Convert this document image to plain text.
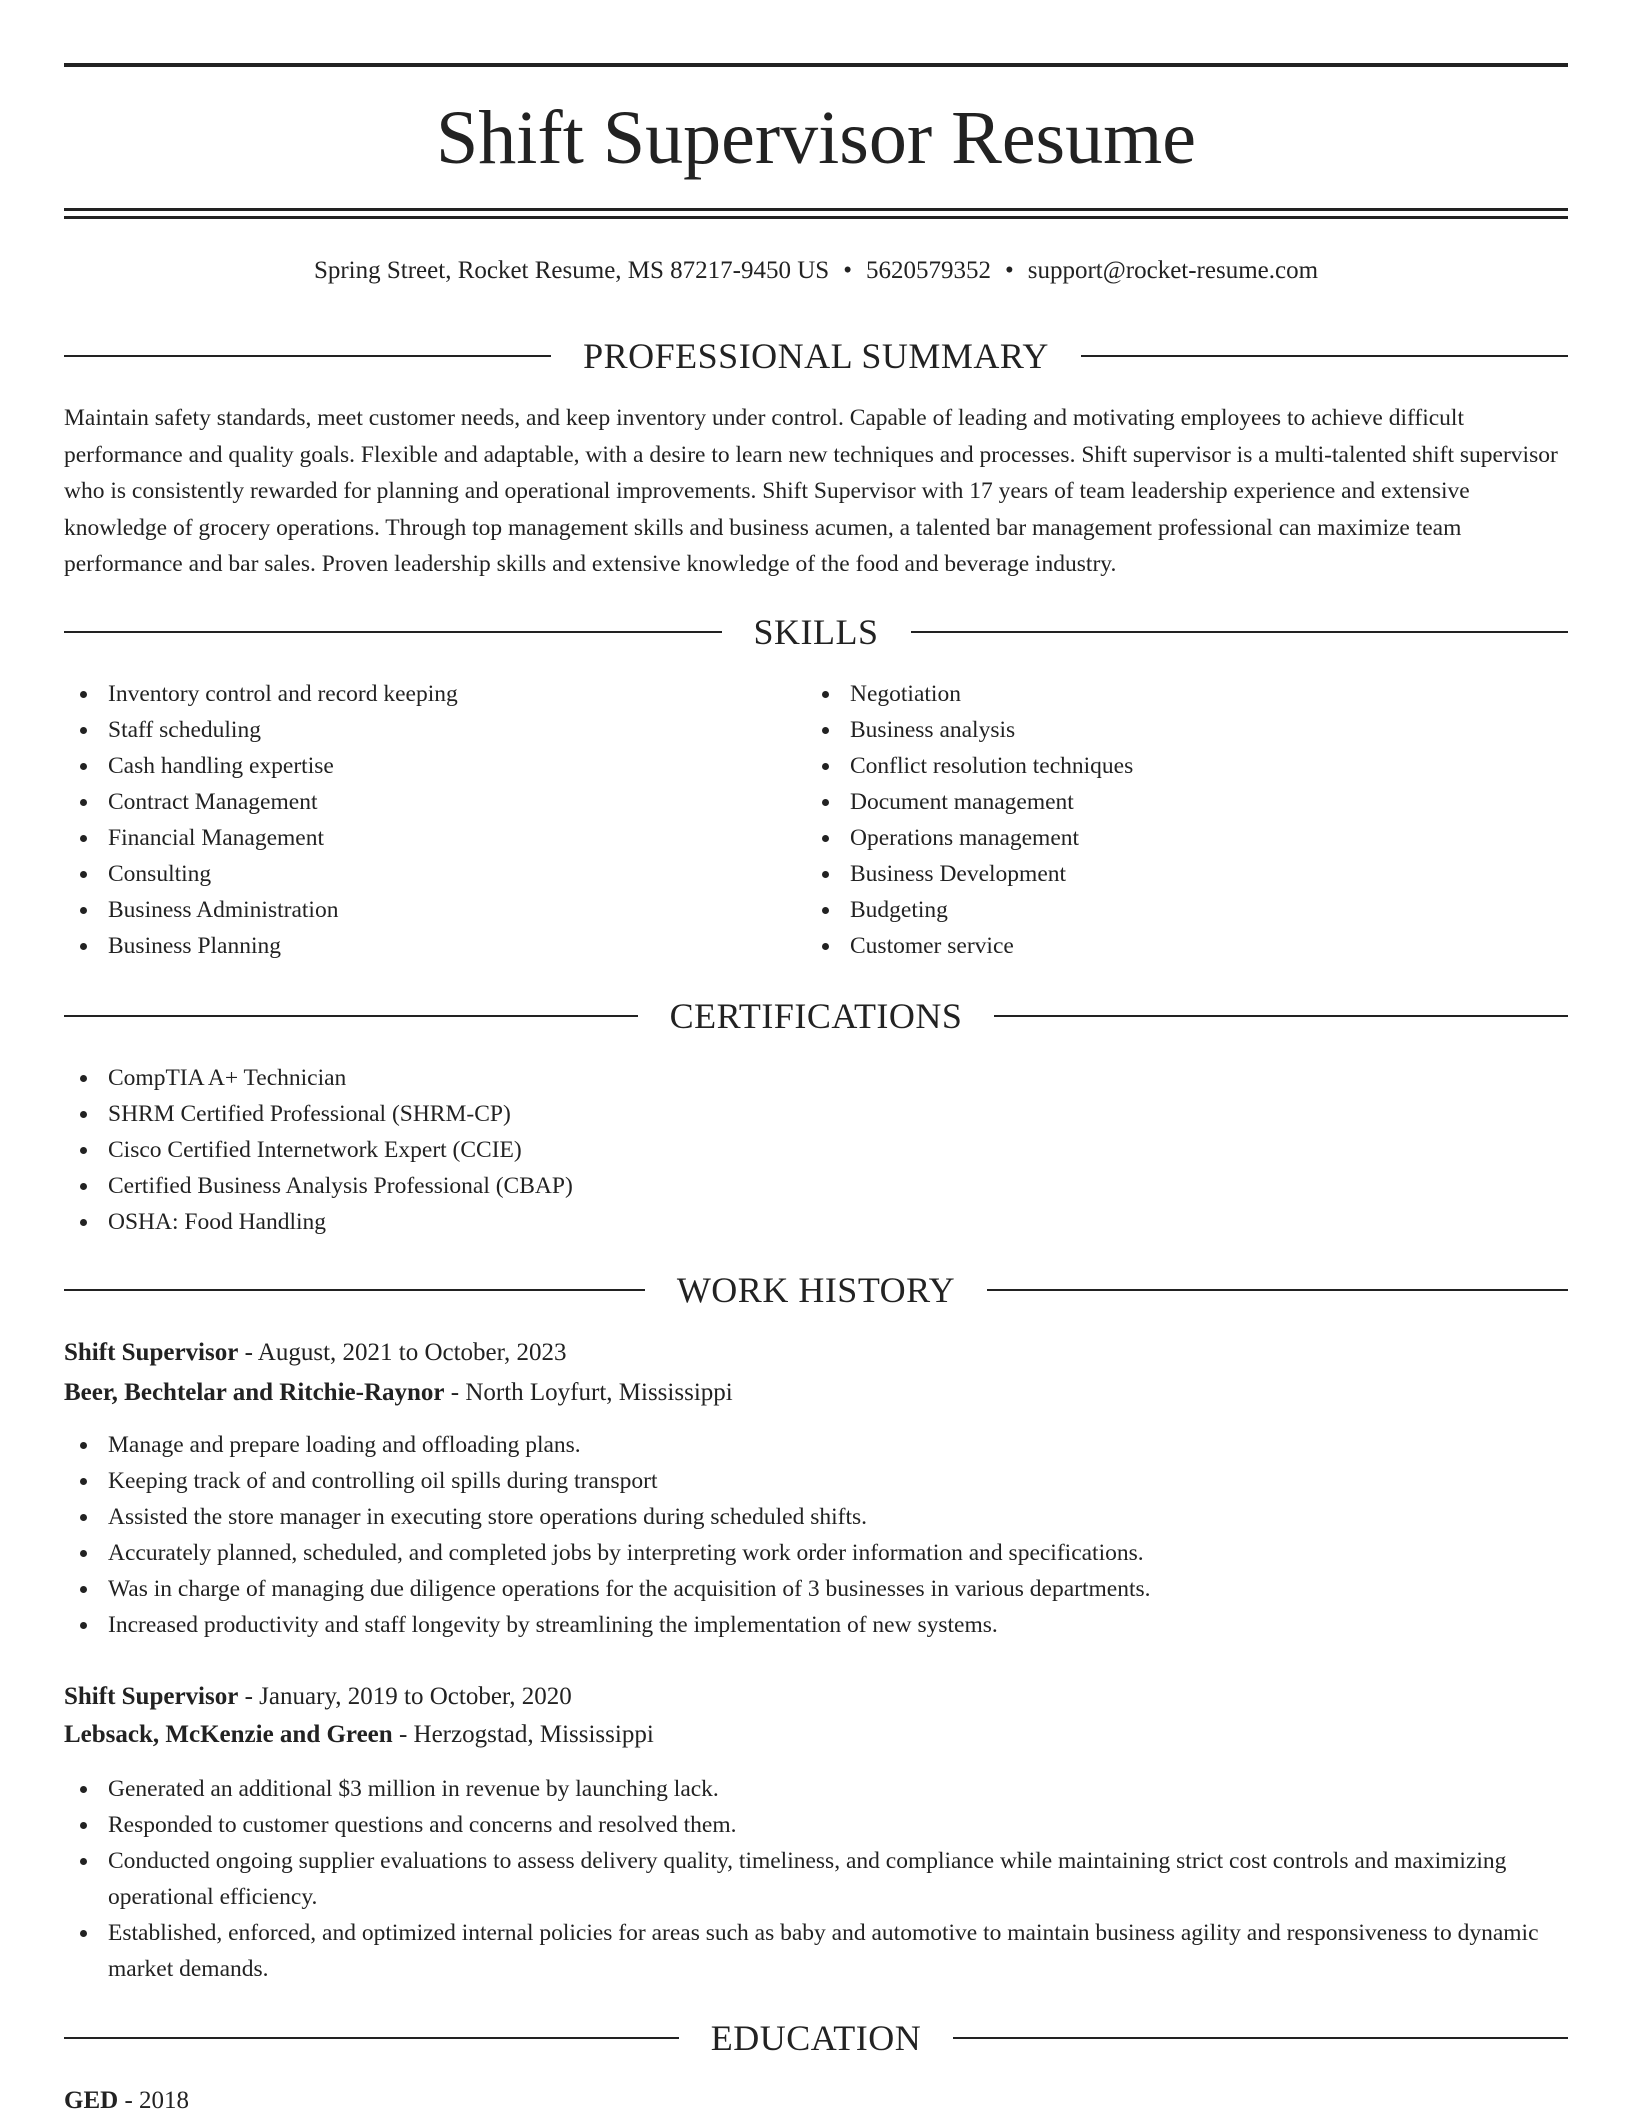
Shift Supervisor Resume
Spring Street, Rocket Resume, MS 87217-9450 US • 5620579352 • support@rocket-resume.com
PROFESSIONAL SUMMARY

Maintain safety standards, meet customer needs, and keep inventory under control. Capable of leading and motivating employees to achieve difficult performance and quality goals. Flexible and adaptable, with a desire to learn new techniques and processes. Shift supervisor is a multi-talented shift supervisor who is consistently rewarded for planning and operational improvements. Shift Supervisor with 17 years of team leadership experience and extensive knowledge of grocery operations. Through top management skills and business acumen, a talented bar management professional can maximize team performance and bar sales. Proven leadership skills and extensive knowledge of the food and beverage industry.

SKILLS
Inventory control and record keeping
Staff scheduling
Cash handling expertise
Contract Management
Financial Management
Consulting
Business Administration
Business Planning
Negotiation
Business analysis
Conflict resolution techniques
Document management
Operations management
Business Development
Budgeting
Customer service
CERTIFICATIONS
CompTIA A+ Technician
SHRM Certified Professional (SHRM-CP)
Cisco Certified Internetwork Expert (CCIE)
Certified Business Analysis Professional (CBAP)
OSHA: Food Handling
WORK HISTORY
Shift Supervisor - August, 2021 to October, 2023
Beer, Bechtelar and Ritchie-Raynor - North Loyfurt, Mississippi
Manage and prepare loading and offloading plans.
Keeping track of and controlling oil spills during transport
Assisted the store manager in executing store operations during scheduled shifts.
Accurately planned, scheduled, and completed jobs by interpreting work order information and specifications.
Was in charge of managing due diligence operations for the acquisition of 3 businesses in various departments.
Increased productivity and staff longevity by streamlining the implementation of new systems.
Shift Supervisor - January, 2019 to October, 2020
Lebsack, McKenzie and Green - Herzogstad, Mississippi
Generated an additional $3 million in revenue by launching lack.
Responded to customer questions and concerns and resolved them.
Conducted ongoing supplier evaluations to assess delivery quality, timeliness, and compliance while maintaining strict cost controls and maximizing operational efficiency.
Established, enforced, and optimized internal policies for areas such as baby and automotive to maintain business agility and responsiveness to dynamic market demands.
EDUCATION
GED - 2018
